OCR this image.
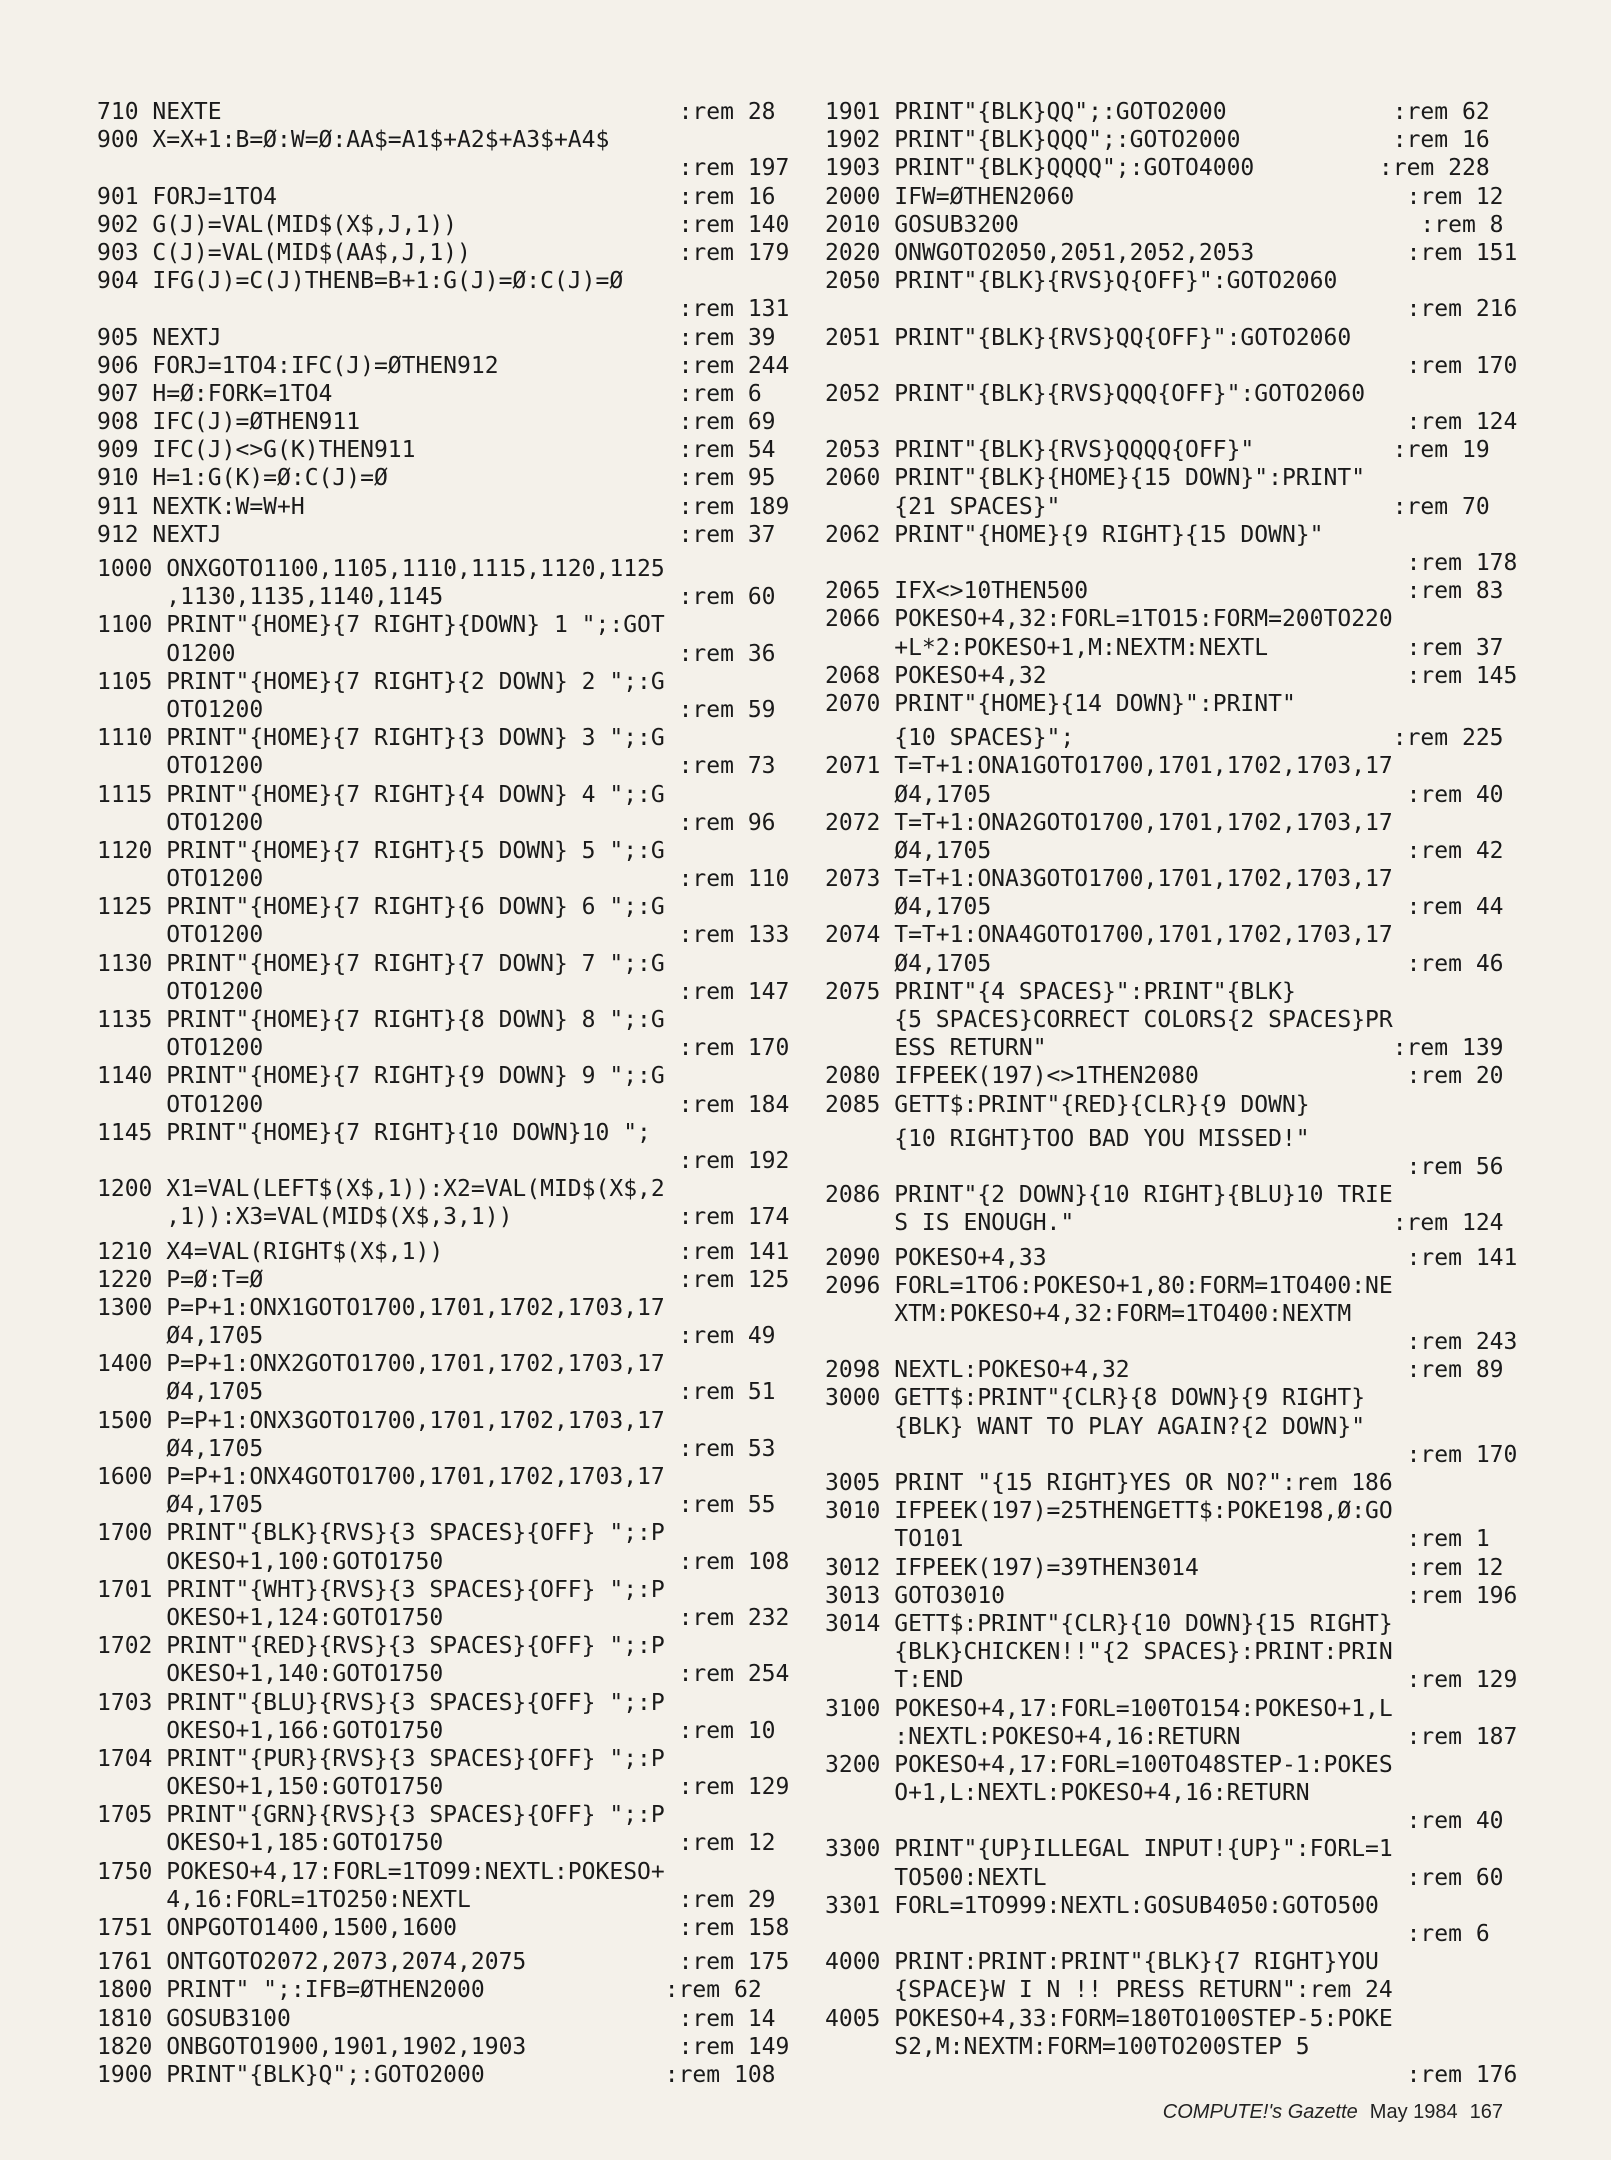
710 NEXTE                                 :rem 28
900 X=X+1:B=Ø:W=Ø:AA$=A1$+A2$+A3$+A4$
:rem 197
901 FORJ=1TO4                             :rem 16
902 G(J)=VAL(MID$(X$,J,1))                :rem 140
903 C(J)=VAL(MID$(AA$,J,1))               :rem 179
904 IFG(J)=C(J)THENB=B+1:G(J)=Ø:C(J)=Ø
:rem 131
905 NEXTJ                                 :rem 39
906 FORJ=1TO4:IFC(J)=ØTHEN912             :rem 244
907 H=Ø:FORK=1TO4                         :rem 6
908 IFC(J)=ØTHEN911                       :rem 69
909 IFC(J)<>G(K)THEN911                   :rem 54
910 H=1:G(K)=Ø:C(J)=Ø                     :rem 95
911 NEXTK:W=W+H                           :rem 189
912 NEXTJ                                 :rem 37
1000 ONXGOTO1100,1105,1110,1115,1120,1125
,1130,1135,1140,1145                 :rem 60
1100 PRINT"{HOME}{7 RIGHT}{DOWN} 1 ";:GOT
O1200                                :rem 36
1105 PRINT"{HOME}{7 RIGHT}{2 DOWN} 2 ";:G
OTO1200                              :rem 59
1110 PRINT"{HOME}{7 RIGHT}{3 DOWN} 3 ";:G
OTO1200                              :rem 73
1115 PRINT"{HOME}{7 RIGHT}{4 DOWN} 4 ";:G
OTO1200                              :rem 96
1120 PRINT"{HOME}{7 RIGHT}{5 DOWN} 5 ";:G
OTO1200                              :rem 110
1125 PRINT"{HOME}{7 RIGHT}{6 DOWN} 6 ";:G
OTO1200                              :rem 133
1130 PRINT"{HOME}{7 RIGHT}{7 DOWN} 7 ";:G
OTO1200                              :rem 147
1135 PRINT"{HOME}{7 RIGHT}{8 DOWN} 8 ";:G
OTO1200                              :rem 170
1140 PRINT"{HOME}{7 RIGHT}{9 DOWN} 9 ";:G
OTO1200                              :rem 184
1145 PRINT"{HOME}{7 RIGHT}{10 DOWN}10 ";
:rem 192
1200 X1=VAL(LEFT$(X$,1)):X2=VAL(MID$(X$,2
,1)):X3=VAL(MID$(X$,3,1))            :rem 174
1210 X4=VAL(RIGHT$(X$,1))                 :rem 141
1220 P=Ø:T=Ø                              :rem 125
1300 P=P+1:ONX1GOTO1700,1701,1702,1703,17
Ø4,1705                              :rem 49
1400 P=P+1:ONX2GOTO1700,1701,1702,1703,17
Ø4,1705                              :rem 51
1500 P=P+1:ONX3GOTO1700,1701,1702,1703,17
Ø4,1705                              :rem 53
1600 P=P+1:ONX4GOTO1700,1701,1702,1703,17
Ø4,1705                              :rem 55
1700 PRINT"{BLK}{RVS}{3 SPACES}{OFF} ";:P
OKESO+1,100:GOTO1750                 :rem 108
1701 PRINT"{WHT}{RVS}{3 SPACES}{OFF} ";:P
OKESO+1,124:GOTO1750                 :rem 232
1702 PRINT"{RED}{RVS}{3 SPACES}{OFF} ";:P
OKESO+1,140:GOTO1750                 :rem 254
1703 PRINT"{BLU}{RVS}{3 SPACES}{OFF} ";:P
OKESO+1,166:GOTO1750                 :rem 10
1704 PRINT"{PUR}{RVS}{3 SPACES}{OFF} ";:P
OKESO+1,150:GOTO1750                 :rem 129
1705 PRINT"{GRN}{RVS}{3 SPACES}{OFF} ";:P
OKESO+1,185:GOTO1750                 :rem 12
1750 POKESO+4,17:FORL=1TO99:NEXTL:POKESO+
4,16:FORL=1TO250:NEXTL               :rem 29
1751 ONPGOTO1400,1500,1600                :rem 158
1761 ONTGOTO2072,2073,2074,2075           :rem 175
1800 PRINT" ";:IFB=ØTHEN2000             :rem 62
1810 GOSUB3100                            :rem 14
1820 ONBGOTO1900,1901,1902,1903           :rem 149
1900 PRINT"{BLK}Q";:GOTO2000             :rem 108
1901 PRINT"{BLK}QQ";:GOTO2000            :rem 62
1902 PRINT"{BLK}QQQ";:GOTO2000           :rem 16
1903 PRINT"{BLK}QQQQ";:GOTO4000         :rem 228
2000 IFW=ØTHEN2060                        :rem 12
2010 GOSUB3200                             :rem 8
2020 ONWGOTO2050,2051,2052,2053           :rem 151
2050 PRINT"{BLK}{RVS}Q{OFF}":GOTO2060
:rem 216
2051 PRINT"{BLK}{RVS}QQ{OFF}":GOTO2060
:rem 170
2052 PRINT"{BLK}{RVS}QQQ{OFF}":GOTO2060
:rem 124
2053 PRINT"{BLK}{RVS}QQQQ{OFF}"          :rem 19
2060 PRINT"{BLK}{HOME}{15 DOWN}":PRINT"
{21 SPACES}"                        :rem 70
2062 PRINT"{HOME}{9 RIGHT}{15 DOWN}"
:rem 178
2065 IFX<>10THEN500                       :rem 83
2066 POKESO+4,32:FORL=1TO15:FORM=200TO220
+L*2:POKESO+1,M:NEXTM:NEXTL          :rem 37
2068 POKESO+4,32                          :rem 145
2070 PRINT"{HOME}{14 DOWN}":PRINT"
{10 SPACES}";                       :rem 225
2071 T=T+1:ONA1GOTO1700,1701,1702,1703,17
Ø4,1705                              :rem 40
2072 T=T+1:ONA2GOTO1700,1701,1702,1703,17
Ø4,1705                              :rem 42
2073 T=T+1:ONA3GOTO1700,1701,1702,1703,17
Ø4,1705                              :rem 44
2074 T=T+1:ONA4GOTO1700,1701,1702,1703,17
Ø4,1705                              :rem 46
2075 PRINT"{4 SPACES}":PRINT"{BLK}
{5 SPACES}CORRECT COLORS{2 SPACES}PR
ESS RETURN"                         :rem 139
2080 IFPEEK(197)<>1THEN2080               :rem 20
2085 GETT$:PRINT"{RED}{CLR}{9 DOWN}
{10 RIGHT}TOO BAD YOU MISSED!"
:rem 56
2086 PRINT"{2 DOWN}{10 RIGHT}{BLU}10 TRIE
S IS ENOUGH."                       :rem 124
2090 POKESO+4,33                          :rem 141
2096 FORL=1TO6:POKESO+1,80:FORM=1TO400:NE
XTM:POKESO+4,32:FORM=1TO400:NEXTM
:rem 243
2098 NEXTL:POKESO+4,32                    :rem 89
3000 GETT$:PRINT"{CLR}{8 DOWN}{9 RIGHT}
{BLK} WANT TO PLAY AGAIN?{2 DOWN}"
:rem 170
3005 PRINT "{15 RIGHT}YES OR NO?":rem 186
3010 IFPEEK(197)=25THENGETT$:POKE198,Ø:GO
TO101                                :rem 1
3012 IFPEEK(197)=39THEN3014               :rem 12
3013 GOTO3010                             :rem 196
3014 GETT$:PRINT"{CLR}{10 DOWN}{15 RIGHT}
{BLK}CHICKEN!!"{2 SPACES}:PRINT:PRIN
T:END                                :rem 129
3100 POKESO+4,17:FORL=100TO154:POKESO+1,L
:NEXTL:POKESO+4,16:RETURN            :rem 187
3200 POKESO+4,17:FORL=100TO48STEP-1:POKES
O+1,L:NEXTL:POKESO+4,16:RETURN
:rem 40
3300 PRINT"{UP}ILLEGAL INPUT!{UP}":FORL=1
TO500:NEXTL                          :rem 60
3301 FORL=1TO999:NEXTL:GOSUB4050:GOTO500
:rem 6
4000 PRINT:PRINT:PRINT"{BLK}{7 RIGHT}YOU
{SPACE}W I N !! PRESS RETURN":rem 24
4005 POKESO+4,33:FORM=180TO100STEP-5:POKE
S2,M:NEXTM:FORM=100TO200STEP 5
:rem 176
COMPUTE!'s Gazette May 1984 167
